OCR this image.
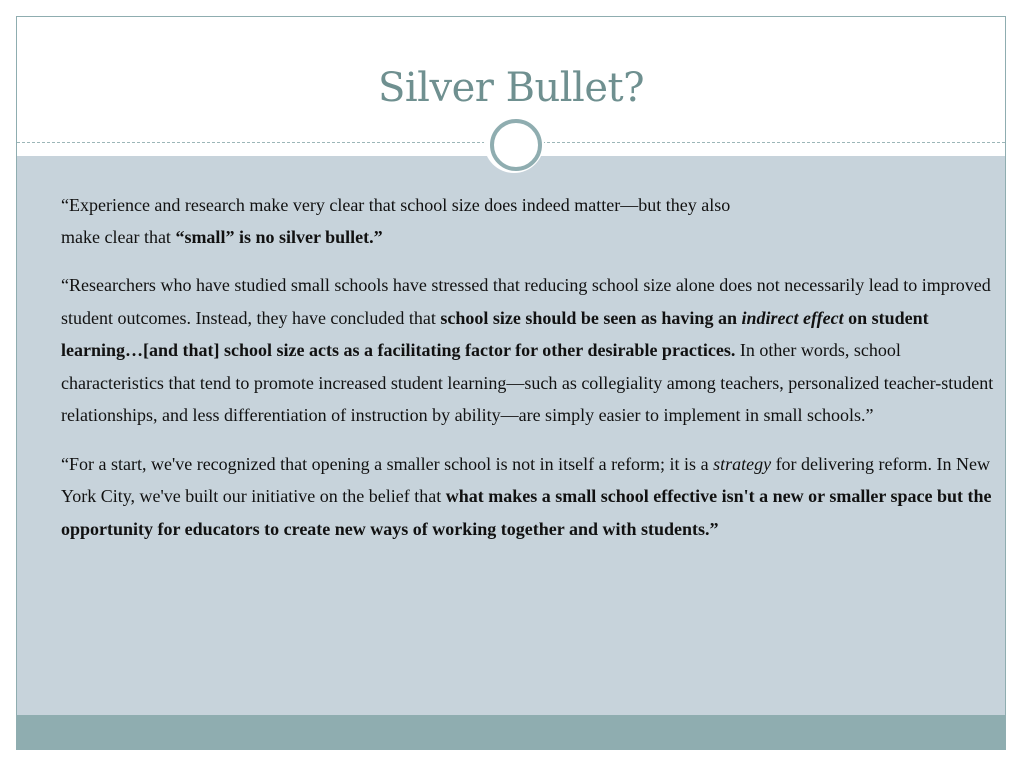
Silver Bullet?

“Experience and research make very clear that school size does indeed matter—but they also
make clear that “small” is no silver bullet.”

“Researchers who have studied small schools have stressed that reducing school size alone does not necessarily lead to improved student outcomes. Instead, they have concluded that school size should be seen as having an indirect effect on student learning…[and that] school size acts as a facilitating factor for other desirable practices. In other words, school characteristics that tend to promote increased student learning—such as collegiality among teachers, personalized teacher-student relationships, and less differentiation of instruction by ability—are simply easier to implement in small schools.”

“For a start, we've recognized that opening a smaller school is not in itself a reform; it is a strategy for delivering reform. In New York City, we've built our initiative on the belief that what makes a small school effective isn't a new or smaller space but the opportunity for educators to create new ways of working together and with students.”
